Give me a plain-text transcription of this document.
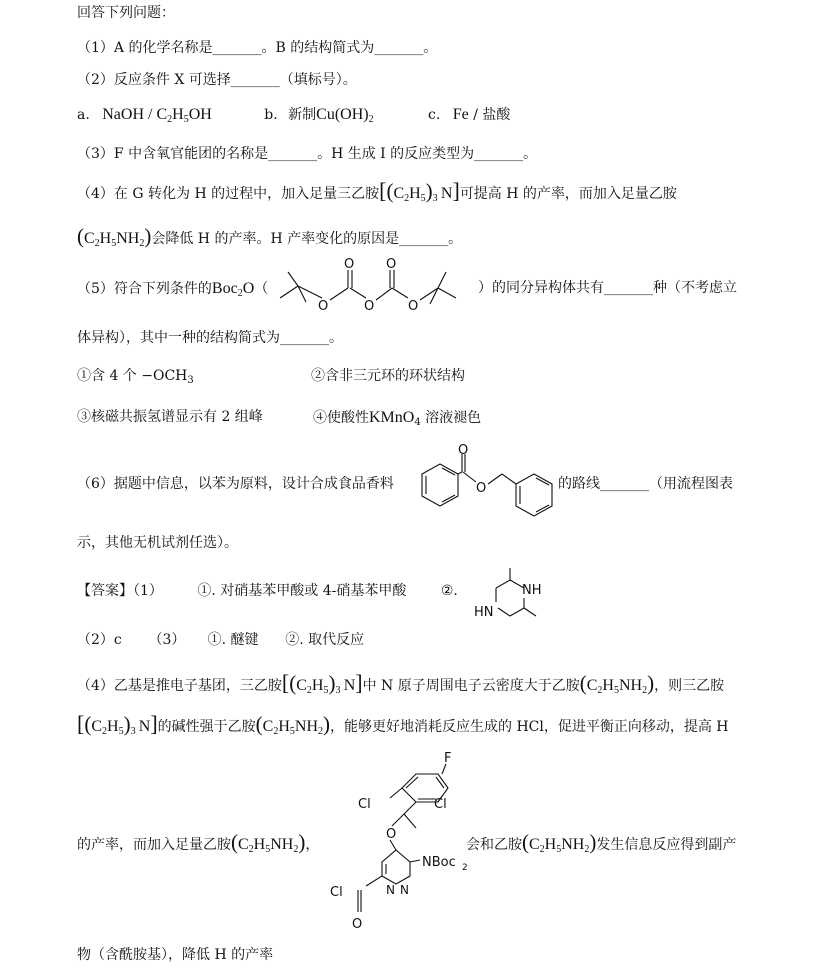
回答下列问题：
（1）A 的化学名称是_______。B 的结构简式为_______。
（2）反应条件 X 可选择_______（填标号）。
a. NaOH / $C_2H_5OH$	b. 新制$Cu(OH)_2$	c. Fe / 盐酸
（3）F 中含氧官能团的名称是_______。H 生成 I 的反应类型为_______。
（4）在 G 转化为 H 的过程中，加入足量三乙胺[$(C_2H_5)_3$ N]可提高 H 的产率，而加入足量乙胺
$(C_2H_5NH_2)$会降低 H 的产率。H 产率变化的原因是_______。
（5）符合下列条件的Boc$_2$O（	）的同分异构体共有_______种（不考虑立
O
O
O
O
O
体异构），其中一种的结构简式为_______。
①含 4 个 $-OCH_3$	②含非三元环的环状结构
③核磁共振氢谱显示有 2 组峰	④使酸性KMnO$_4$ 溶液褪色
（6）据题中信息，以苯为原料，设计合成食品香料	的路线_______（用流程图表
O
O
示，其他无机试剂任选）。
【答案】（1） ①. 对硝基苯甲酸或 4-硝基苯甲酸 ②.	NH
HN
（2）c      （3）     ①. 醚键      ②. 取代反应
（4）乙基是推电子基团，三乙胺[$(C_2H_5)_3$ N]中 N 原子周围电子云密度大于乙胺$(C_2H_5NH_2)$，则三乙胺
[$(C_2H_5)_3$ N]的碱性强于乙胺$(C_2H_5NH_2)$，能够更好地消耗反应生成的 HCl，促进平衡正向移动，提高 H
的产率，而加入足量乙胺$(C_2H_5NH_2)$，	会和乙胺$(C_2H_5NH_2)$发生信息反应得到副产
F
Cl	Cl
O
NBoc 2
N N
Cl
O
物（含酰胺基），降低 H 的产率
